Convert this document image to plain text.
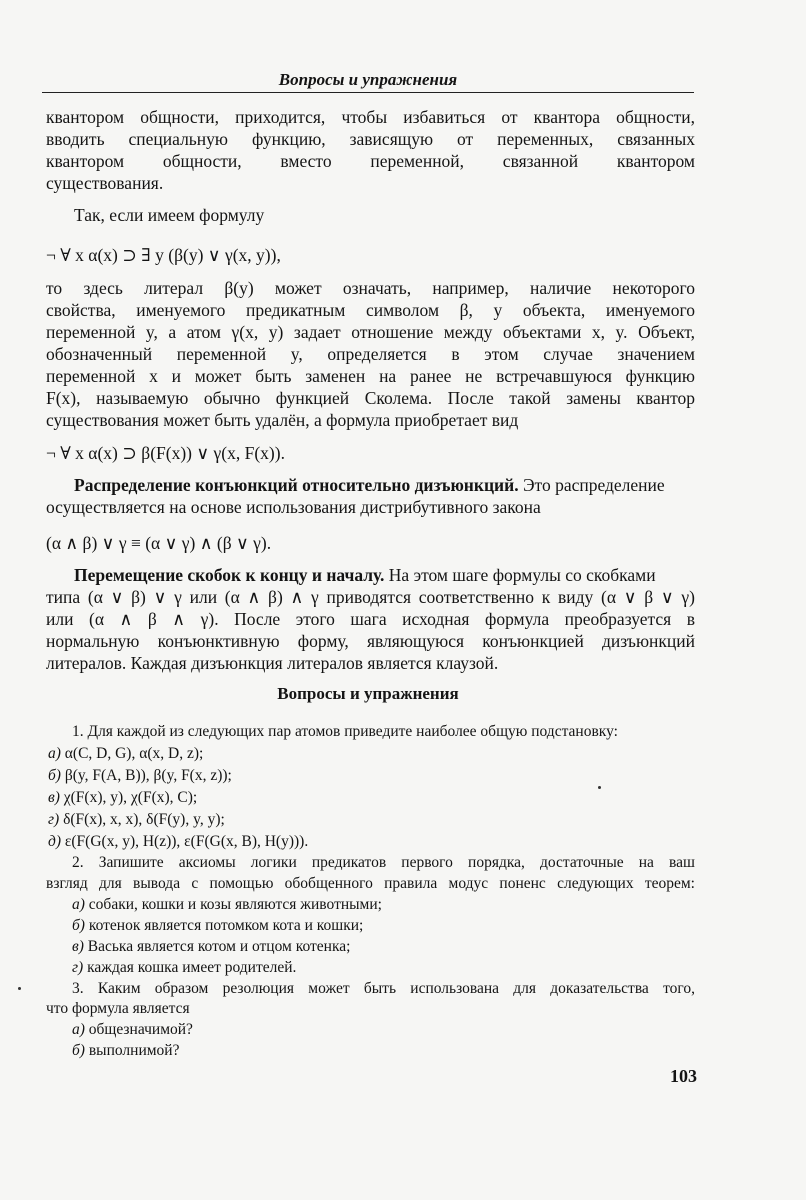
Вопросы и упражнения
квантором общности, приходится, чтобы избавиться от квантора общности,
вводить специальную функцию, зависящую от переменных, связанных
квантором общности, вместо переменной, связанной квантором
существования.
Так, если имеем формулу
¬ ∀ x α(x) ⊃ ∃ y (β(y) ∨ γ(x, y)),
то здесь литерал β(y) может означать, например, наличие некоторого
свойства, именуемого предикатным символом β, у объекта, именуемого
переменной y, а атом γ(x, y) задает отношение между объектами x, y. Объект,
обозначенный переменной y, определяется в этом случае значением
переменной x и может быть заменен на ранее не встречавшуюся функцию
F(x), называемую обычно функцией Сколема. После такой замены квантор
существования может быть удалён, а формула приобретает вид
¬ ∀ x α(x) ⊃ β(F(x)) ∨ γ(x, F(x)).
Распределение конъюнкций относительно дизъюнкций. Это распределение
осуществляется на основе использования дистрибутивного закона
(α ∧ β) ∨ γ ≡ (α ∨ γ) ∧ (β ∨ γ).
Перемещение скобок к концу и началу. На этом шаге формулы со скобками
типа (α ∨ β) ∨ γ или (α ∧ β) ∧ γ приводятся соответственно к виду (α ∨ β ∨ γ)
или (α ∧ β ∧ γ). После этого шага исходная формула преобразуется в
нормальную конъюнктивную форму, являющуюся конъюнкцией дизъюнкций
литералов. Каждая дизъюнкция литералов является клаузой.
Вопросы и упражнения
1. Для каждой из следующих пар атомов приведите наиболее общую подстановку:
а) α(C, D, G), α(x, D, z);
б) β(y, F(A, B)), β(y, F(x, z));
в) χ(F(x), y), χ(F(x), C);
г) δ(F(x), x, x), δ(F(y), y, y);
д) ε(F(G(x, y), H(z)), ε(F(G(x, B), H(y))).
2. Запишите аксиомы логики предикатов первого порядка, достаточные на ваш
взгляд для вывода с помощью обобщенного правила модус поненс следующих теорем:
а) собаки, кошки и козы являются животными;
б) котенок является потомком кота и кошки;
в) Васька является котом и отцом котенка;
г) каждая кошка имеет родителей.
3. Каким образом резолюция может быть использована для доказательства того,
что формула является
а) общезначимой?
б) выполнимой?
103
